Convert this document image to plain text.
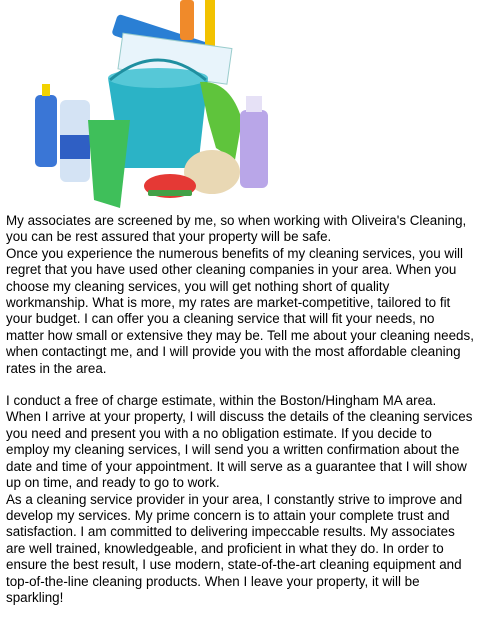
My associates are screened by me, so when working with Oliveira's Cleaning, you can be rest assured that your property will be safe.

Once you experience the numerous benefits of my cleaning services, you will regret that you have used other cleaning companies in your area. When you choose my cleaning services, you will get nothing short of quality workmanship. What is more, my rates are market-competitive, tailored to fit your budget. I can offer you a cleaning service that will fit your needs, no matter how small or extensive they may be. Tell me about your cleaning needs, when contactingt me, and I will provide you with the most affordable cleaning rates in the area.

I conduct a free of charge estimate, within the Boston/Hingham MA area. When I arrive at your property, I will discuss the details of the cleaning services you need and present you with a no obligation estimate. If you decide to employ my cleaning services, I will send you a written confirmation about the date and time of your appointment. It will serve as a guarantee that I will show up on time, and ready to go to work.

As a cleaning service provider in your area, I constantly strive to improve and develop my services. My prime concern is to attain your complete trust and satisfaction. I am committed to delivering impeccable results. My associates are well trained, knowledgeable, and proficient in what they do. In order to ensure the best result, I use modern, state-of-the-art cleaning equipment and top-of-the-line cleaning products. When I leave your property, it will be sparkling!
